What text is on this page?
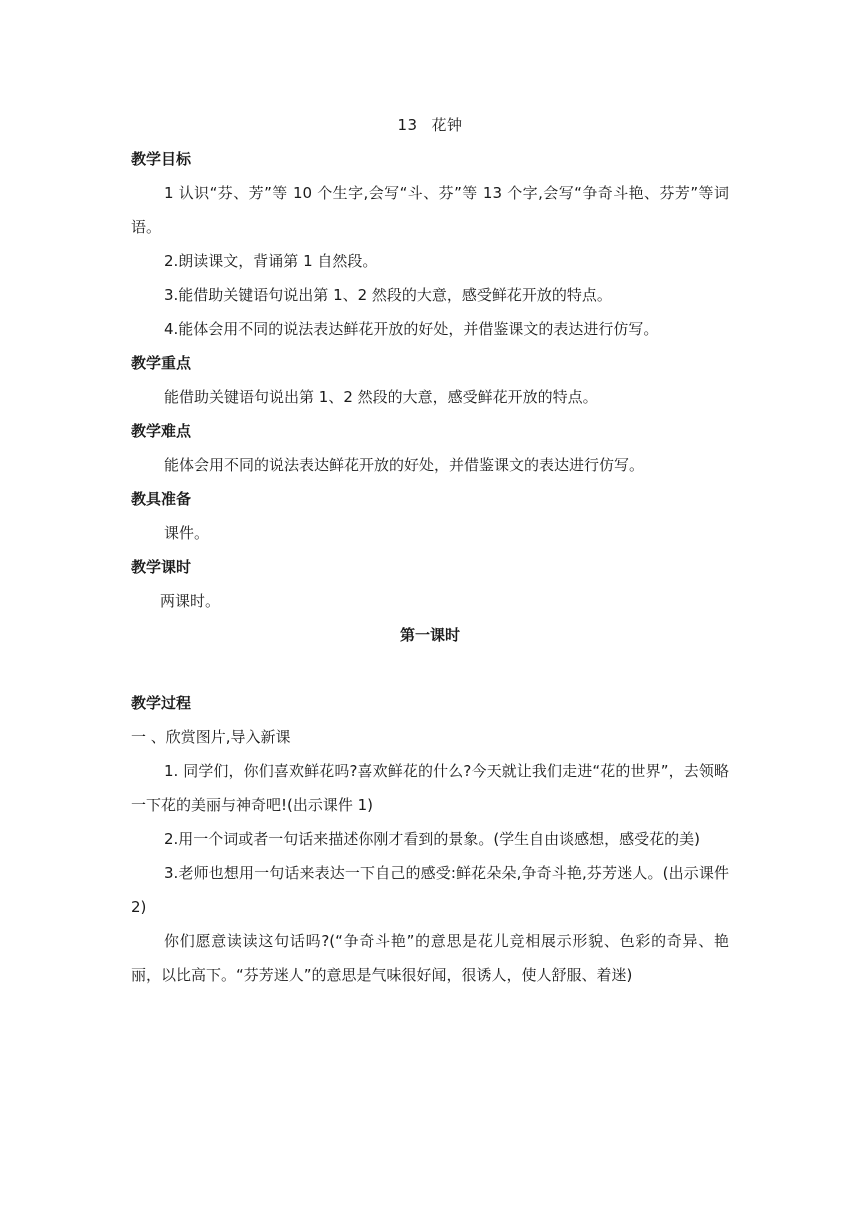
13 花钟
教学目标
1 认识“芬、芳”等 10 个生字,会写“斗、芬”等 13 个字,会写“争奇斗艳、芬芳”等词语。
2.朗读课文，背诵第 1 自然段。
3.能借助关键语句说出第 1、2 然段的大意，感受鲜花开放的特点。
4.能体会用不同的说法表达鲜花开放的好处，并借鉴课文的表达进行仿写。
教学重点
能借助关键语句说出第 1、2 然段的大意，感受鲜花开放的特点。
教学难点
能体会用不同的说法表达鲜花开放的好处，并借鉴课文的表达进行仿写。
教具准备
课件。
教学课时
两课时。
第一课时
教学过程
一 、欣赏图片,导入新课
1. 同学们，你们喜欢鲜花吗?喜欢鲜花的什么?今天就让我们走进“花的世界”，去领略一下花的美丽与神奇吧!(出示课件 1)
2.用一个词或者一句话来描述你刚才看到的景象。(学生自由谈感想，感受花的美)
3.老师也想用一句话来表达一下自己的感受:鲜花朵朵,争奇斗艳,芬芳迷人。(出示课件 2)
你们愿意读读这句话吗?(“争奇斗艳”的意思是花儿竞相展示形貌、色彩的奇异、艳丽，以比高下。“芬芳迷人”的意思是气味很好闻，很诱人，使人舒服、着迷)
